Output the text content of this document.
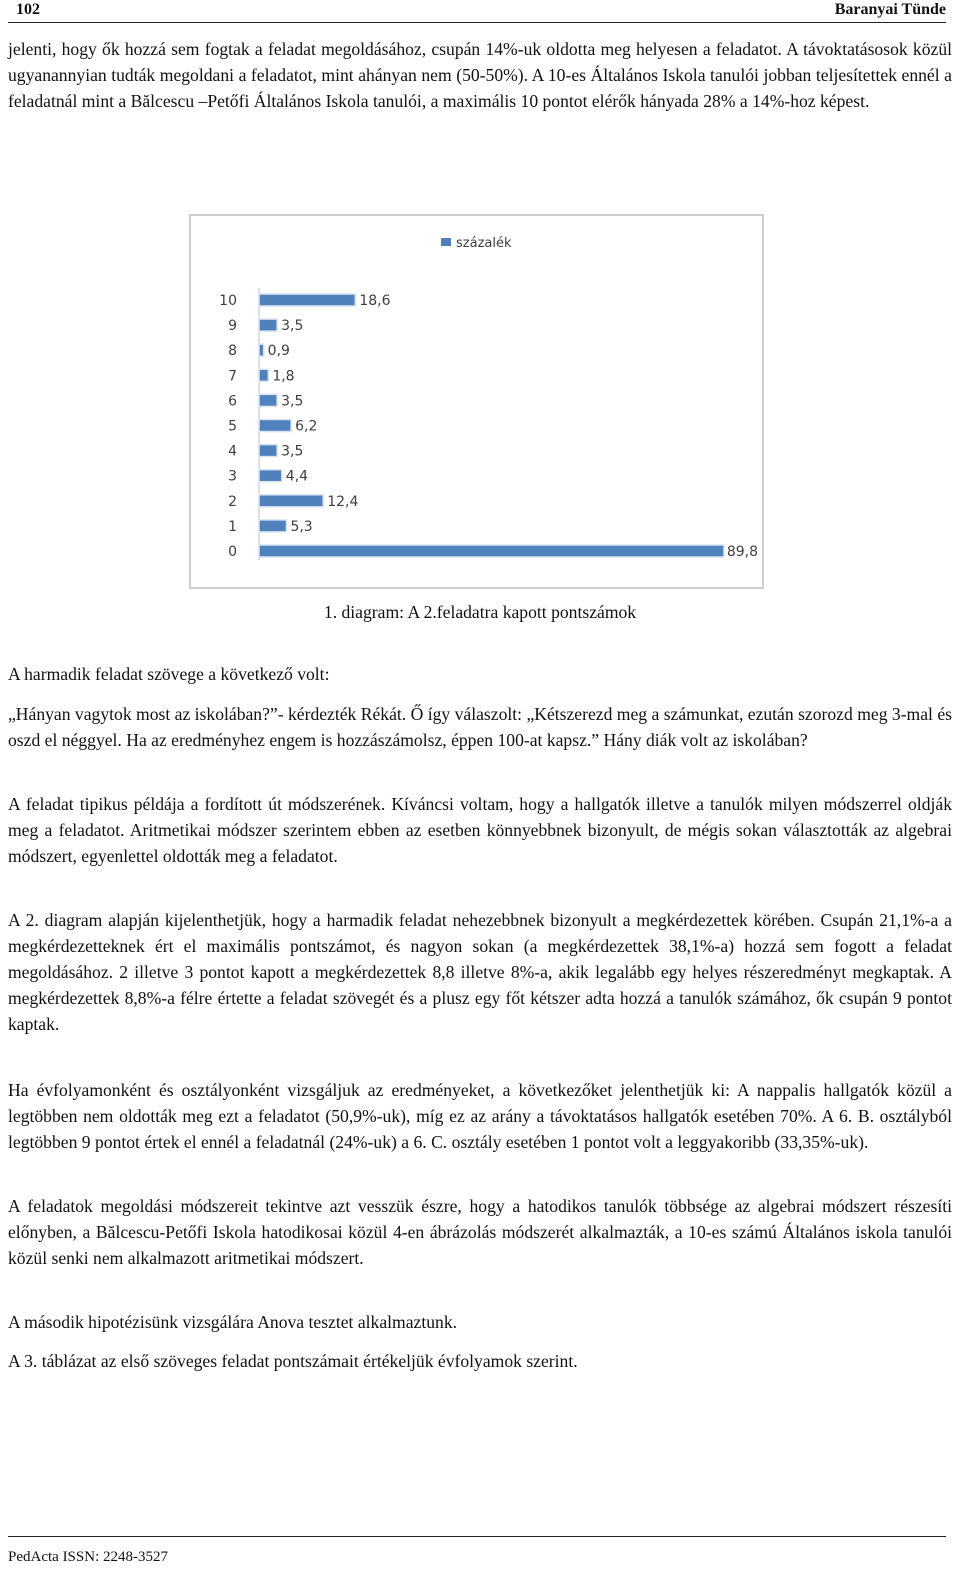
102	Baranyai Tünde

jelenti, hogy ők hozzá sem fogtak a feladat megoldásához, csupán 14%-uk oldotta meg helyesen a feladatot. A távoktatásosok közül ugyanannyian tudták megoldani a feladatot, mint ahányan nem (50-50%). A 10-es Általános Iskola tanulói jobban teljesítettek ennél a feladatnál mint a Bălcescu –Petőfi Általános Iskola tanulói, a maximális 10 pontot elérők hányada 28% a 14%-hoz képest.

százalék
0	89,8
1	5,3
2	12,4
3	4,4
4	3,5
5	6,2
6	3,5
7	1,8
8 0,9
9	3,5
10	18,6
1. diagram: A 2.feladatra kapott pontszámok

A harmadik feladat szövege a következő volt:

„Hányan vagytok most az iskolában?”- kérdezték Rékát. Ő így válaszolt: „Kétszerezd meg a számunkat, ezután szorozd meg 3-mal és oszd el néggyel. Ha az eredményhez engem is hozzászámolsz, éppen 100-at kapsz.” Hány diák volt az iskolában?

A feladat tipikus példája a fordított út módszerének. Kíváncsi voltam, hogy a hallgatók illetve a tanulók milyen módszerrel oldják meg a feladatot. Aritmetikai módszer szerintem ebben az esetben könnyebbnek bizonyult, de mégis sokan választották az algebrai módszert, egyenlettel oldották meg a feladatot.

A 2. diagram alapján kijelenthetjük, hogy a harmadik feladat nehezebbnek bizonyult a megkérdezettek körében. Csupán 21,1%-a a megkérdezetteknek ért el maximális pontszámot, és nagyon sokan (a megkérdezettek 38,1%-a) hozzá sem fogott a feladat megoldásához. 2 illetve 3 pontot kapott a megkérdezettek 8,8 illetve 8%-a, akik legalább egy helyes részeredményt megkaptak. A megkérdezettek 8,8%-a félre értette a feladat szövegét és a plusz egy főt kétszer adta hozzá a tanulók számához, ők csupán 9 pontot kaptak.

Ha évfolyamonként és osztályonként vizsgáljuk az eredményeket, a következőket jelenthetjük ki: A nappalis hallgatók közül a legtöbben nem oldották meg ezt a feladatot (50,9%-uk), míg ez az arány a távoktatásos hallgatók esetében 70%. A 6. B. osztályból legtöbben 9 pontot értek el ennél a feladatnál (24%-uk) a 6. C. osztály esetében 1 pontot volt a leggyakoribb (33,35%-uk).

A feladatok megoldási módszereit tekintve azt vesszük észre, hogy a hatodikos tanulók többsége az algebrai módszert részesíti előnyben, a Bălcescu-Petőfi Iskola hatodikosai közül 4-en ábrázolás módszerét alkalmazták, a 10-es számú Általános iskola tanulói közül senki nem alkalmazott aritmetikai módszert.

A második hipotézisünk vizsgálára Anova tesztet alkalmaztunk.

A 3. táblázat az első szöveges feladat pontszámait értékeljük évfolyamok szerint.

PedActa ISSN: 2248-3527
